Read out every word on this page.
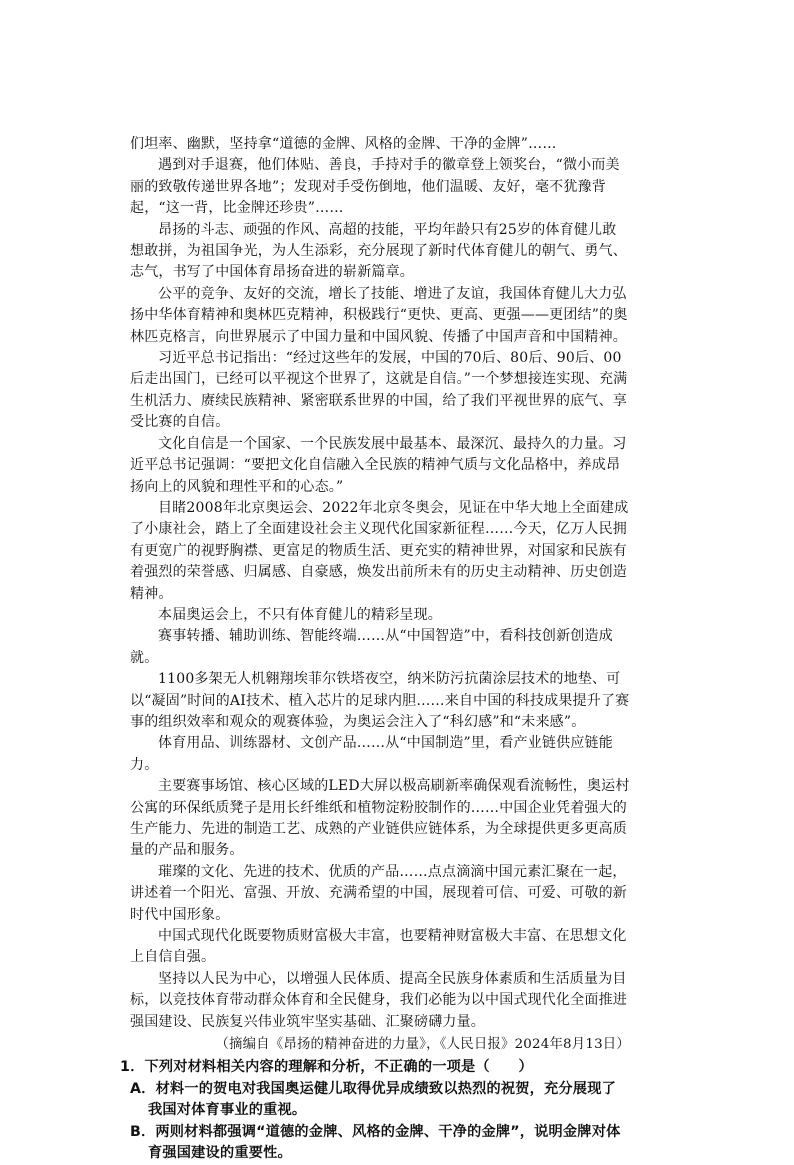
们坦率、幽默，坚持拿“道德的金牌、风格的金牌、干净的金牌”……

遇到对手退赛，他们体贴、善良，手持对手的徽章登上领奖台，“微小而美丽的致敬传递世界各地”；发现对手受伤倒地，他们温暖、友好，毫不犹豫背起，“这一背，比金牌还珍贵”……

昂扬的斗志、顽强的作风、高超的技能，平均年龄只有25岁的体育健儿敢想敢拼，为祖国争光，为人生添彩，充分展现了新时代体育健儿的朝气、勇气、志气，书写了中国体育昂扬奋进的崭新篇章。

公平的竞争、友好的交流，增长了技能、增进了友谊，我国体育健儿大力弘扬中华体育精神和奥林匹克精神，积极践行“更快、更高、更强——更团结”的奥林匹克格言，向世界展示了中国力量和中国风貌、传播了中国声音和中国精神。

习近平总书记指出：“经过这些年的发展，中国的70后、80后、90后、00后走出国门，已经可以平视这个世界了，这就是自信。”一个梦想接连实现、充满生机活力、赓续民族精神、紧密联系世界的中国，给了我们平视世界的底气、享受比赛的自信。

文化自信是一个国家、一个民族发展中最基本、最深沉、最持久的力量。习近平总书记强调：“要把文化自信融入全民族的精神气质与文化品格中，养成昂扬向上的风貌和理性平和的心态。”

目睹2008年北京奥运会、2022年北京冬奥会，见证在中华大地上全面建成了小康社会，踏上了全面建设社会主义现代化国家新征程……今天，亿万人民拥有更宽广的视野胸襟、更富足的物质生活、更充实的精神世界，对国家和民族有着强烈的荣誉感、归属感、自豪感，焕发出前所未有的历史主动精神、历史创造精神。

本届奥运会上，不只有体育健儿的精彩呈现。

赛事转播、辅助训练、智能终端……从“中国智造”中，看科技创新创造成就。

1100多架无人机翱翔埃菲尔铁塔夜空，纳米防污抗菌涂层技术的地垫、可以“凝固”时间的AI技术、植入芯片的足球内胆……来自中国的科技成果提升了赛事的组织效率和观众的观赛体验，为奥运会注入了“科幻感”和“未来感”。

体育用品、训练器材、文创产品……从“中国制造”里，看产业链供应链能力。

主要赛事场馆、核心区域的LED大屏以极高刷新率确保观看流畅性，奥运村公寓的环保纸质凳子是用长纤维纸和植物淀粉胶制作的……中国企业凭着强大的生产能力、先进的制造工艺、成熟的产业链供应链体系，为全球提供更多更高质量的产品和服务。

璀璨的文化、先进的技术、优质的产品……点点滴滴中国元素汇聚在一起，讲述着一个阳光、富强、开放、充满希望的中国，展现着可信、可爱、可敬的新时代中国形象。

中国式现代化既要物质财富极大丰富，也要精神财富极大丰富、在思想文化上自信自强。

坚持以人民为中心，以增强人民体质、提高全民族身体素质和生活质量为目标，以竞技体育带动群众体育和全民健身，我们必能为以中国式现代化全面推进强国建设、民族复兴伟业筑牢坚实基础、汇聚磅礴力量。

（摘编自《昂扬的精神奋进的力量》，《人民日报》2024年8月13日）

1．下列对材料相关内容的理解和分析，不正确的一项是（　　）

A．材料一的贺电对我国奥运健儿取得优异成绩致以热烈的祝贺，充分展现了我国对体育事业的重视。

B．两则材料都强调“道德的金牌、风格的金牌、干净的金牌”，说明金牌对体育强国建设的重要性。
